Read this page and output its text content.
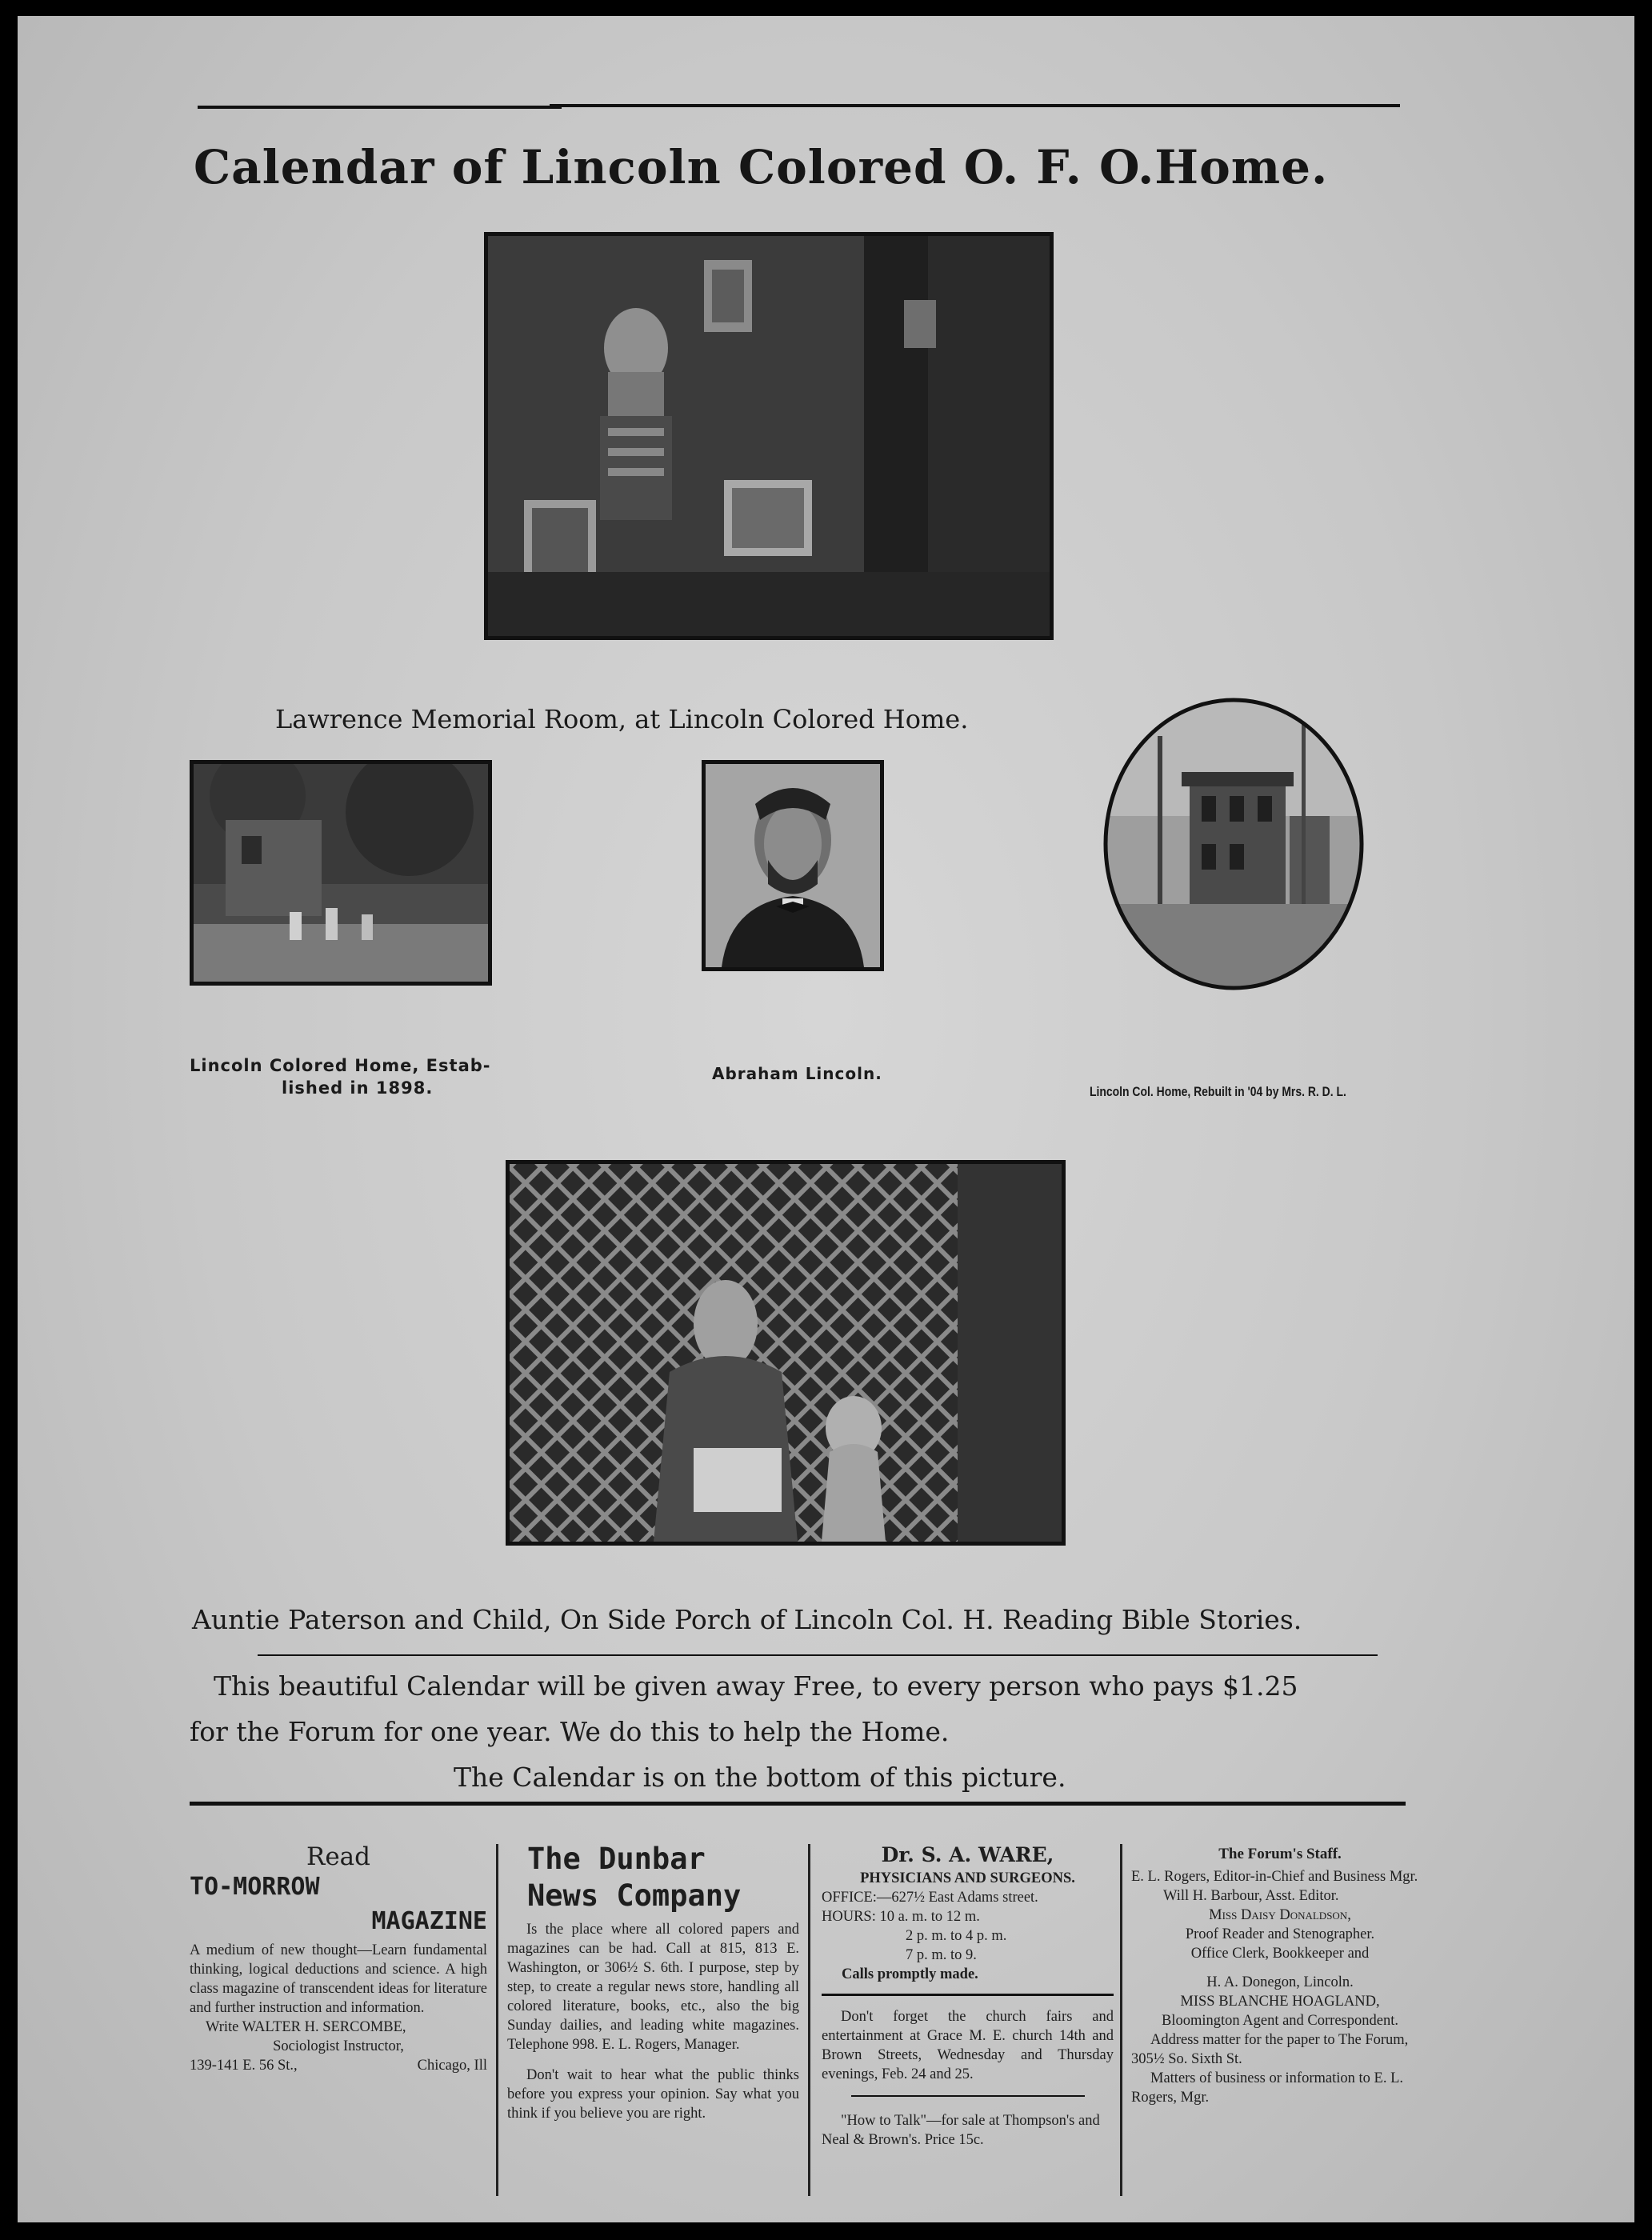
Calendar of Lincoln Colored O. F. O.Home.
Lawrence Memorial Room, at Lincoln Colored Home.
Lincoln Colored Home, Estab-
lished in 1898.
Abraham Lincoln.
Lincoln Col. Home, Rebuilt in '04 by Mrs. R. D. L.
Auntie Paterson and Child, On Side Porch of Lincoln Col. H. Reading Bible Stories.
This beautiful Calendar will be given away Free, to every person who pays $1.25
for the Forum for one year. We do this to help the Home.
The Calendar is on the bottom of this picture.

Read

TO-MORROW

MAGAZINE

A medium of new thought—Learn fundamental thinking, logical deductions and science. A high class magazine of transcendent ideas for literature and further instruction and information.

Write WALTER H. SERCOMBE,

Sociologist Instructor,

139-141 E. 56 St.,	Chicago, Ill

The Dunbar

News Company

Is the place where all colored papers and magazines can be had. Call at 815, 813 E. Washington, or 306½ S. 6th. I purpose, step by step, to create a regular news store, handling all colored literature, books, etc., also the big Sunday dailies, and leading white magazines. Telephone 998. E. L. Rogers, Manager.

Don't wait to hear what the public thinks before you express your opinion. Say what you think if you believe you are right.

Dr. S. A. WARE,

PHYSICIANS AND SURGEONS.

OFFICE:—627½ East Adams street.

HOURS: 10 a. m. to 12 m.

2 p. m. to 4 p. m.

7 p. m. to 9.

Calls promptly made.

Don't forget the church fairs and entertainment at Grace M. E. church 14th and Brown Streets, Wednesday and Thursday evenings, Feb. 24 and 25.

"How to Talk"—for sale at Thompson's and Neal & Brown's. Price 15c.

The Forum's Staff.

E. L. Rogers, Editor-in-Chief and Business Mgr.

Will H. Barbour, Asst. Editor.

Miss Daisy Donaldson,

Proof Reader and Stenographer.

Office Clerk, Bookkeeper and

H. A. Donegon, Lincoln.

MISS BLANCHE HOAGLAND,

Bloomington Agent and Correspondent.

Address matter for the paper to The Forum, 305½ So. Sixth St.

Matters of business or information to E. L. Rogers, Mgr.
